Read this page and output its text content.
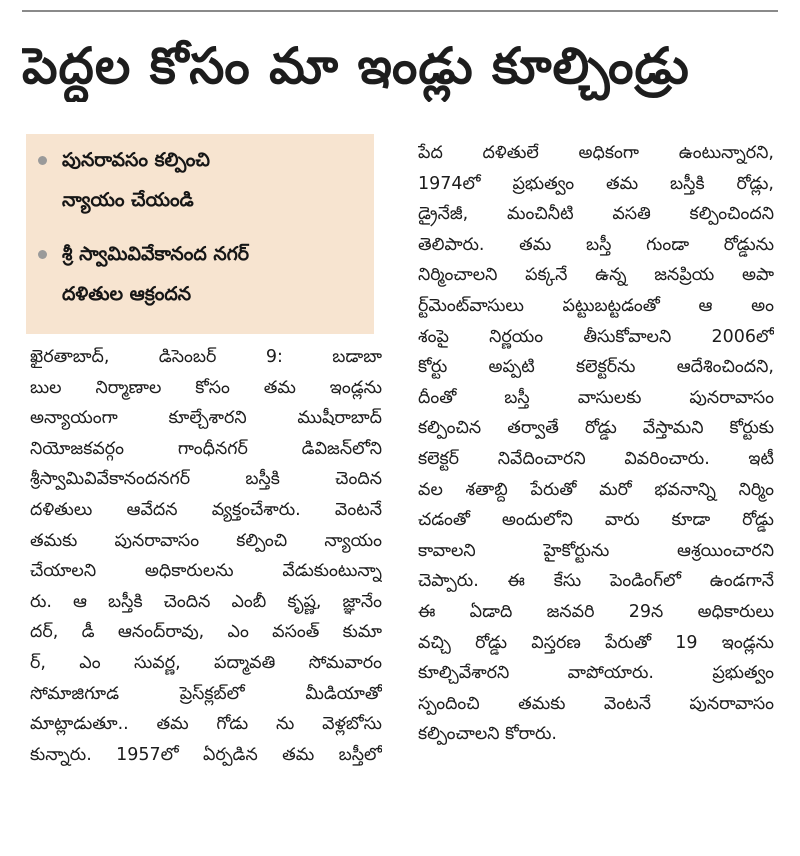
పెద్దల కోసం మా ఇండ్లు కూల్చిండ్రు
పునరావసం కల్పించి
న్యాయం చేయండి
శ్రీ స్వామివివేకానంద నగర్
దళితుల ఆక్రందన
ఖైరతాబాద్, డిసెంబర్ 9: బడాబా
బుల నిర్మాణాల కోసం తమ ఇండ్లను
అన్యాయంగా కూల్చేశారని ముషీరాబాద్
నియోజకవర్గం గాంధీనగర్ డివిజన్‌లోని
శ్రీస్వామివివేకానందనగర్ బస్తీకి చెందిన
దళితులు ఆవేదన వ్యక్తంచేశారు. వెంటనే
తమకు పునరావాసం కల్పించి న్యాయం
చేయాలని అధికారులను వేడుకుంటున్నా
రు. ఆ బస్తీకి చెందిన ఎంబీ కృష్ణ, జ్ఞానేం
దర్, డీ ఆనంద్‌రావు, ఎం వసంత్ కుమా
ర్, ఎం సువర్ణ, పద్మావతి సోమవారం
సోమాజిగూడ ప్రెస్‌క్లబ్‌లో మీడియాతో
మాట్లాడుతూ.. తమ గోడు ను వెళ్లబోసు
కున్నారు. 1957లో ఏర్పడిన తమ బస్తీలో
పేద దళితులే అధికంగా ఉంటున్నారని,
1974లో ప్రభుత్వం తమ బస్తీకి రోడ్లు,
డ్రైనేజీ, మంచినీటి వసతి కల్పించిందని
తెలిపారు. తమ బస్తీ గుండా రోడ్డును
నిర్మించాలని పక్కనే ఉన్న జనప్రియ అపా
ర్ట్‌మెంట్‌వాసులు పట్టుబట్టడంతో ఆ అం
శంపై నిర్ణయం తీసుకోవాలని 2006లో
కోర్టు అప్పటి కలెక్టర్‌ను ఆదేశించిందని,
దీంతో బస్తీ వాసులకు పునరావాసం
కల్పించిన తర్వాతే రోడ్డు వేస్తామని కోర్టుకు
కలెక్టర్ నివేదించారని వివరించారు. ఇటీ
వల శతాబ్ది పేరుతో మరో భవనాన్ని నిర్మిం
చడంతో అందులోని వారు కూడా రోడ్డు
కావాలని హైకోర్టును ఆశ్రయించారని
చెప్పారు. ఈ కేసు పెండింగ్‌లో ఉండగానే
ఈ ఏడాది జనవరి 29న అధికారులు
వచ్చి రోడ్డు విస్తరణ పేరుతో 19 ఇండ్లను
కూల్చివేశారని వాపోయారు. ప్రభుత్వం
స్పందించి తమకు వెంటనే పునరావాసం
కల్పించాలని కోరారు.
